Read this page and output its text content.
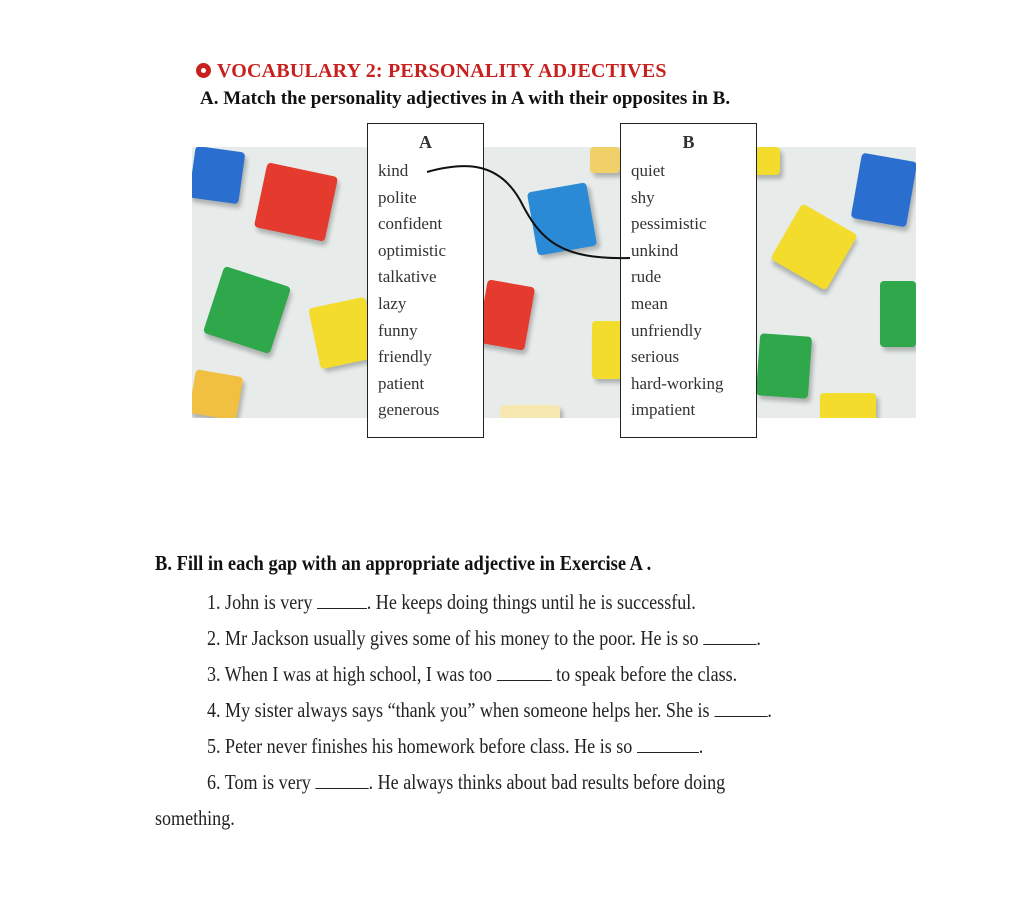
VOCABULARY 2: PERSONALITY ADJECTIVES
A. Match the personality adjectives in A with their opposites in B.
A
kind
polite
confident
optimistic
talkative
lazy
funny
friendly
patient
generous
B
quiet
shy
pessimistic
unkind
rude
mean
unfriendly
serious
hard-working
impatient
B. Fill in each gap with an appropriate adjective in Exercise A .
1. John is very . He keeps doing things until he is successful.
2. Mr Jackson usually gives some of his money to the poor. He is so	.
3. When I was at high school, I was too	to speak before the class.
4. My sister always says “thank you” when someone helps her. She is	.
5. Peter never finishes his homework before class. He is so	.
6. Tom is very	. He always thinks about bad results before doing
something.
